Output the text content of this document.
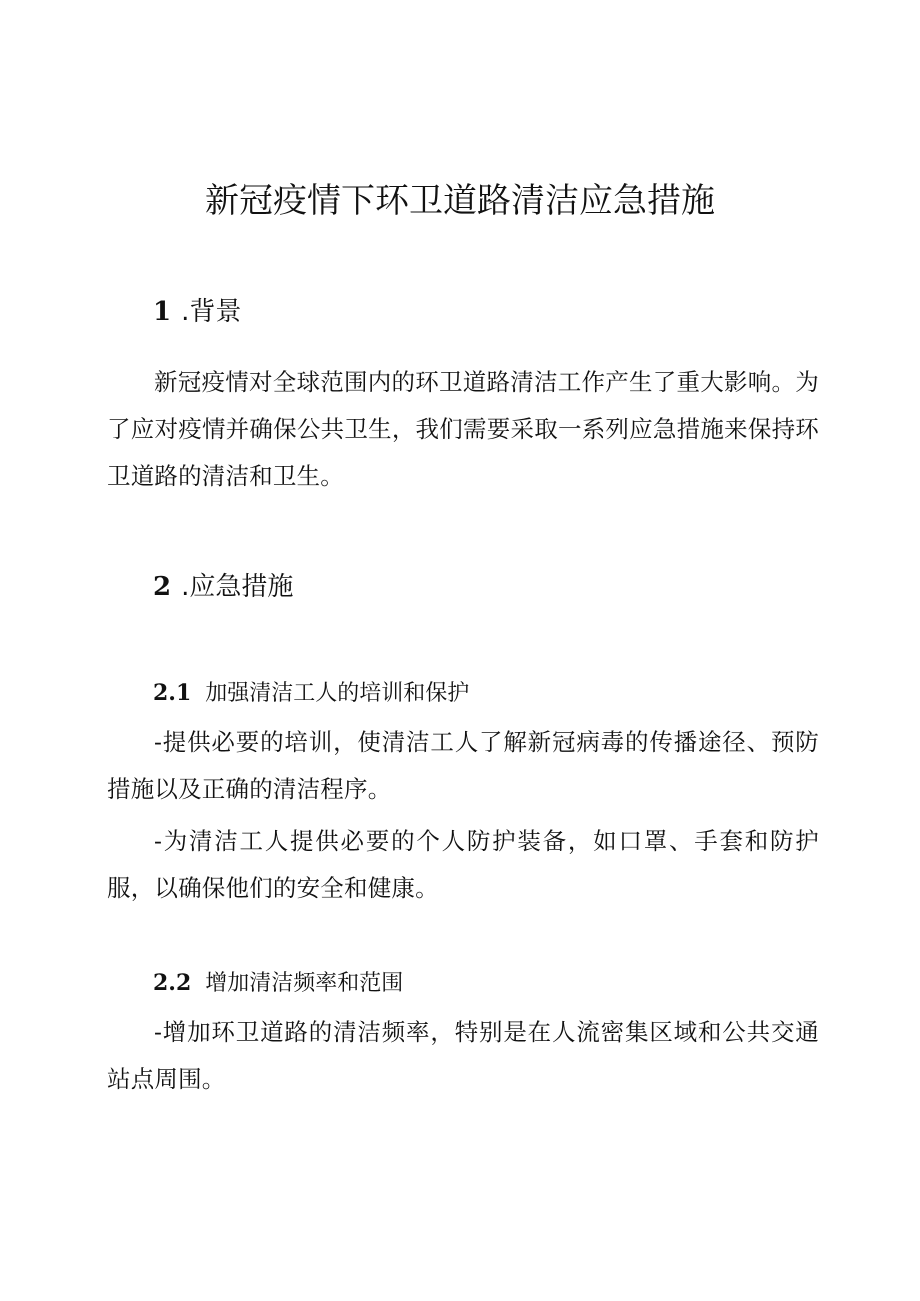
新冠疫情下环卫道路清洁应急措施
1 .背景

新冠疫情对全球范围内的环卫道路清洁工作产生了重大影响。为了应对疫情并确保公共卫生，我们需要采取一系列应急措施来保持环卫道路的清洁和卫生。

2 .应急措施
2.1 加强清洁工人的培训和保护

-提供必要的培训，使清洁工人了解新冠病毒的传播途径、预防措施以及正确的清洁程序。

-为清洁工人提供必要的个人防护装备，如口罩、手套和防护服，以确保他们的安全和健康。

2.2 增加清洁频率和范围

-增加环卫道路的清洁频率，特别是在人流密集区域和公共交通站点周围。
